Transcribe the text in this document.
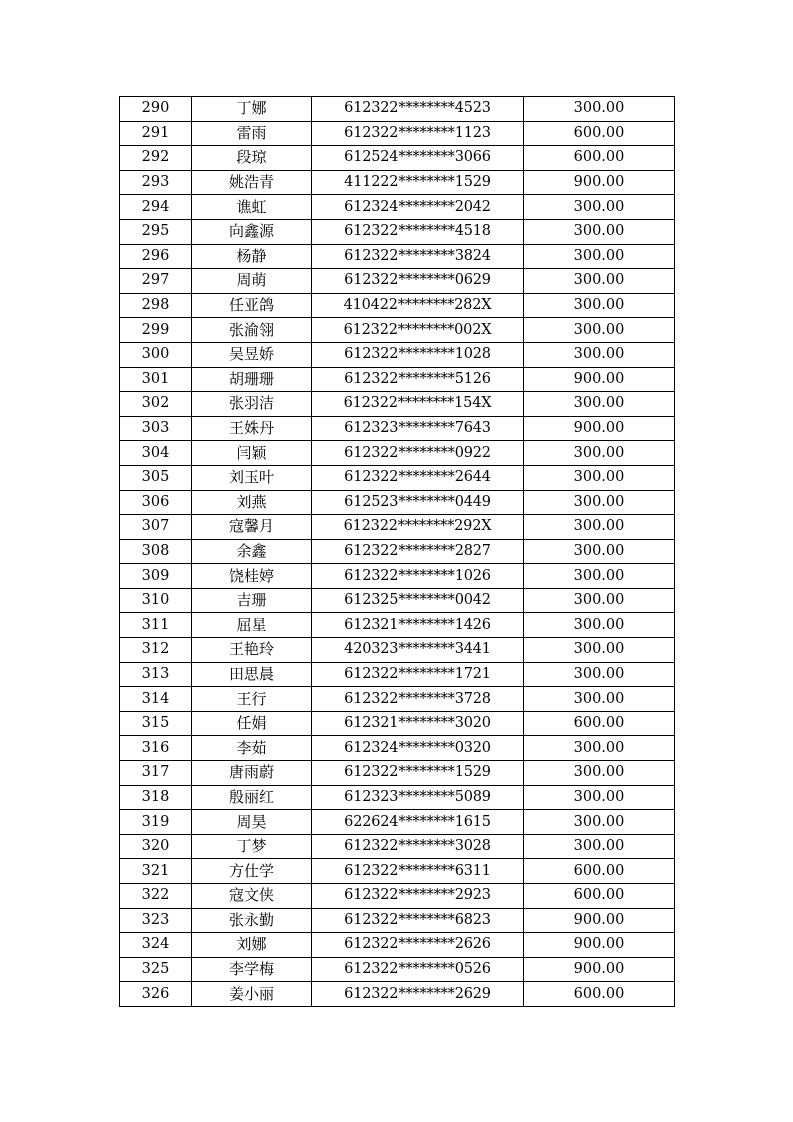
290	丁娜	612322********4523	300.00
291	雷雨	612322********1123	600.00
292	段琼	612524********3066	600.00
293	姚浩青	411222********1529	900.00
294	谯虹	612324********2042	300.00
295	向鑫源	612322********4518	300.00
296	杨静	612322********3824	300.00
297	周萌	612322********0629	300.00
298	任亚鸽	410422********282X	300.00
299	张渝翎	612322********002X	300.00
300	吴昱娇	612322********1028	300.00
301	胡珊珊	612322********5126	900.00
302	张羽洁	612322********154X	300.00
303	王姝丹	612323********7643	900.00
304	闫颖	612322********0922	300.00
305	刘玉叶	612322********2644	300.00
306	刘燕	612523********0449	300.00
307	寇馨月	612322********292X	300.00
308	余鑫	612322********2827	300.00
309	饶桂婷	612322********1026	300.00
310	吉珊	612325********0042	300.00
311	屈星	612321********1426	300.00
312	王艳玲	420323********3441	300.00
313	田思晨	612322********1721	300.00
314	王行	612322********3728	300.00
315	任娟	612321********3020	600.00
316	李茹	612324********0320	300.00
317	唐雨蔚	612322********1529	300.00
318	殷丽红	612323********5089	300.00
319	周昊	622624********1615	300.00
320	丁梦	612322********3028	300.00
321	方仕学	612322********6311	600.00
322	寇文侠	612322********2923	600.00
323	张永勤	612322********6823	900.00
324	刘娜	612322********2626	900.00
325	李学梅	612322********0526	900.00
326	姜小丽	612322********2629	600.00
